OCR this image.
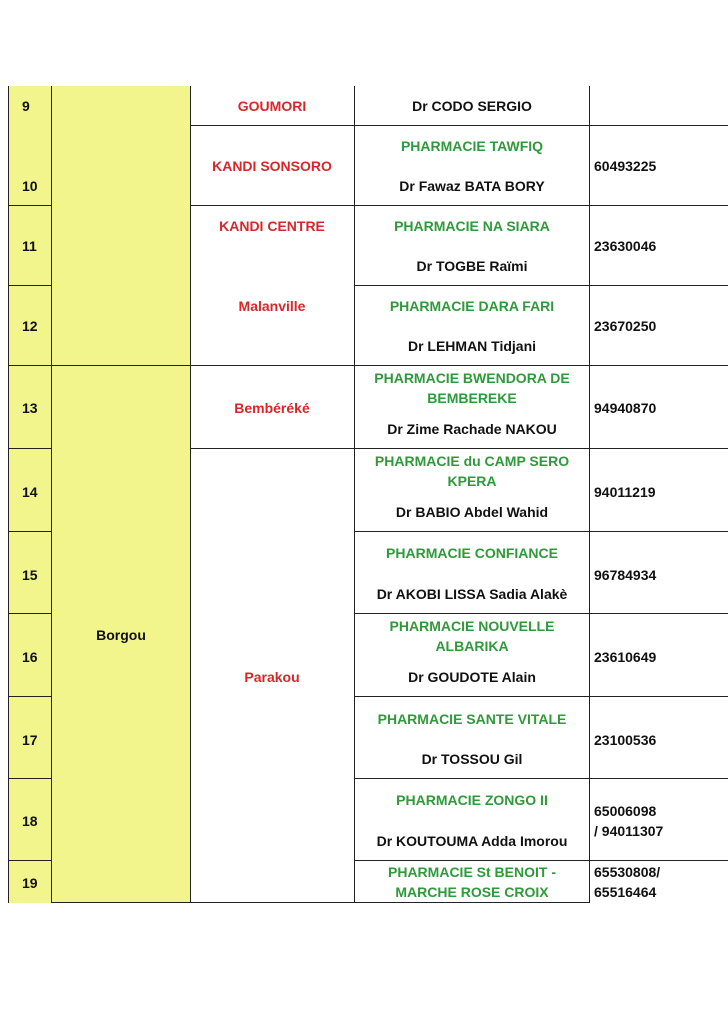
9
10
11
12
13
14
15
16
17
18
19
Borgou
GOUMORI
KANDI SONSORO
KANDI CENTRE
Malanville
Bembéréké
Parakou
PHARMACIE TAWFIQ
PHARMACIE NA SIARA
PHARMACIE DARA FARI
PHARMACIE BWENDORA DE
BEMBEREKE
PHARMACIE du CAMP SERO
KPERA
PHARMACIE CONFIANCE
PHARMACIE NOUVELLE
ALBARIKA
PHARMACIE SANTE VITALE
PHARMACIE ZONGO II
PHARMACIE St BENOIT -
MARCHE ROSE CROIX
Dr CODO SERGIO
Dr Fawaz BATA BORY
Dr TOGBE Raïmi
Dr LEHMAN Tidjani
Dr Zime Rachade NAKOU
Dr BABIO Abdel Wahid
Dr AKOBI LISSA Sadia Alakè
Dr GOUDOTE Alain
Dr TOSSOU Gil
Dr KOUTOUMA Adda Imorou
60493225
23630046
23670250
94940870
94011219
96784934
23610649
23100536
65006098
/ 94011307
65530808/
65516464
